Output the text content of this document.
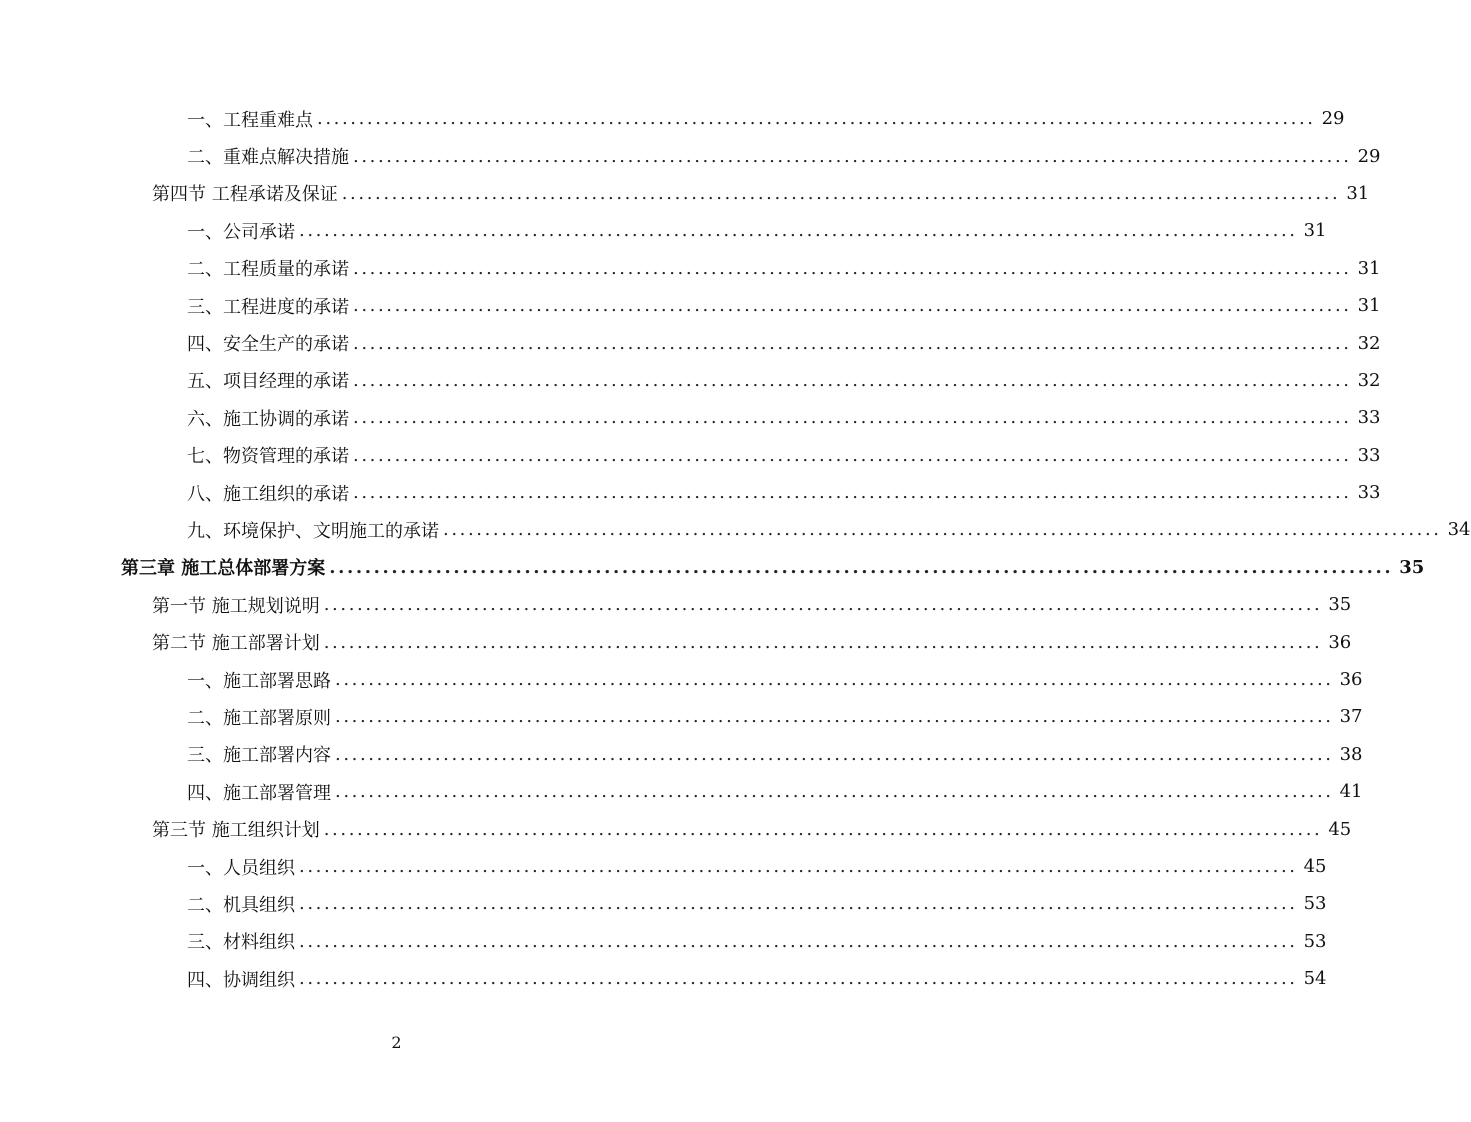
一、工程重难点 ........................................................................................................................ 29
二、重难点解决措施 ........................................................................................................................ 29
第四节 工程承诺及保证 ........................................................................................................................ 31
一、公司承诺 ........................................................................................................................ 31
二、工程质量的承诺 ........................................................................................................................ 31
三、工程进度的承诺 ........................................................................................................................ 31
四、安全生产的承诺 ........................................................................................................................ 32
五、项目经理的承诺 ........................................................................................................................ 32
六、施工协调的承诺 ........................................................................................................................ 33
七、物资管理的承诺 ........................................................................................................................ 33
八、施工组织的承诺 ........................................................................................................................ 33
九、环境保护、文明施工的承诺 ........................................................................................................................ 34
第三章 施工总体部署方案 ........................................................................................................................ 35
第一节 施工规划说明 ........................................................................................................................ 35
第二节 施工部署计划 ........................................................................................................................ 36
一、施工部署思路 ........................................................................................................................ 36
二、施工部署原则 ........................................................................................................................ 37
三、施工部署内容 ........................................................................................................................ 38
四、施工部署管理 ........................................................................................................................ 41
第三节 施工组织计划 ........................................................................................................................ 45
一、人员组织 ........................................................................................................................ 45
二、机具组织 ........................................................................................................................ 53
三、材料组织 ........................................................................................................................ 53
四、协调组织 ........................................................................................................................ 54
2
